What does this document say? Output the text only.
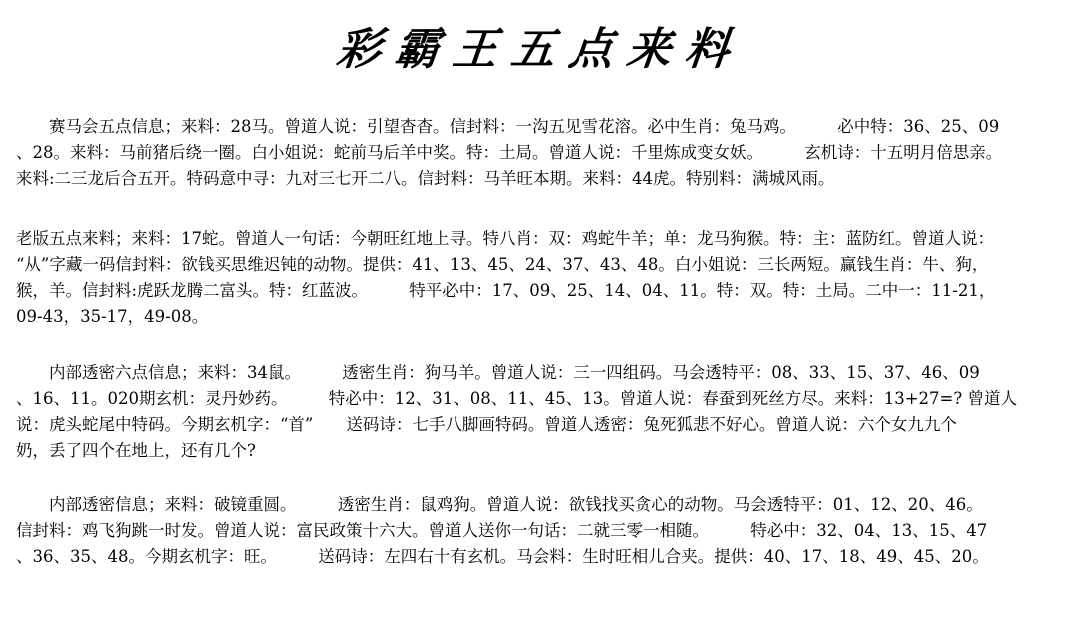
彩霸王五点来料
　　赛马会五点信息；来料：28马。曾道人说：引望杳杳。信封料：一沟五见雪花溶。必中生肖：兔马鸡。　　　必中特：36、25、09
、28。来料：马前猪后绕一圈。白小姐说：蛇前马后羊中奖。特：土局。曾道人说：千里炼成变女妖。　　　玄机诗：十五明月倍思亲。
来料:二三龙后合五开。特码意中寻：九对三七开二八。信封料：马羊旺本期。来料：44虎。特别料：满城风雨。
老版五点来料；来料：17蛇。曾道人一句话：今朝旺红地上寻。特八肖：双：鸡蛇牛羊；单：龙马狗猴。特：主：蓝防红。曾道人说：
“从”字藏一码信封料：欲钱买思维迟钝的动物。提供：41、13、45、24、37、43、48。白小姐说：三长两短。赢钱生肖：牛、狗，
猴，羊。信封料:虎跃龙腾二富头。特：红蓝波。　　　特平必中：17、09、25、14、04、11。特：双。特：土局。二中一：11-21，
09-43，35-17，49-08。
　　内部透密六点信息；来料：34鼠。　　　透密生肖：狗马羊。曾道人说：三一四组码。马会透特平：08、33、15、37、46、09
、16、11。020期玄机：灵丹妙药。　　　特必中：12、31、08、11、45、13。曾道人说：春蚕到死丝方尽。来料：13+27=? 曾道人
说：虎头蛇尾中特码。今期玄机字：“首”　　送码诗：七手八脚画特码。曾道人透密：兔死狐悲不好心。曾道人说：六个女九九个
奶，丢了四个在地上，还有几个?
　　内部透密信息；来料：破镜重圆。　　　透密生肖：鼠鸡狗。曾道人说：欲钱找买贪心的动物。马会透特平：01、12、20、46。
信封料：鸡飞狗跳一时发。曾道人说：富民政策十六大。曾道人送你一句话：二就三零一相随。　　　特必中：32、04、13、15、47
、36、35、48。今期玄机字：旺。　　　送码诗：左四右十有玄机。马会料：生时旺相儿合夹。提供：40、17、18、49、45、20。
